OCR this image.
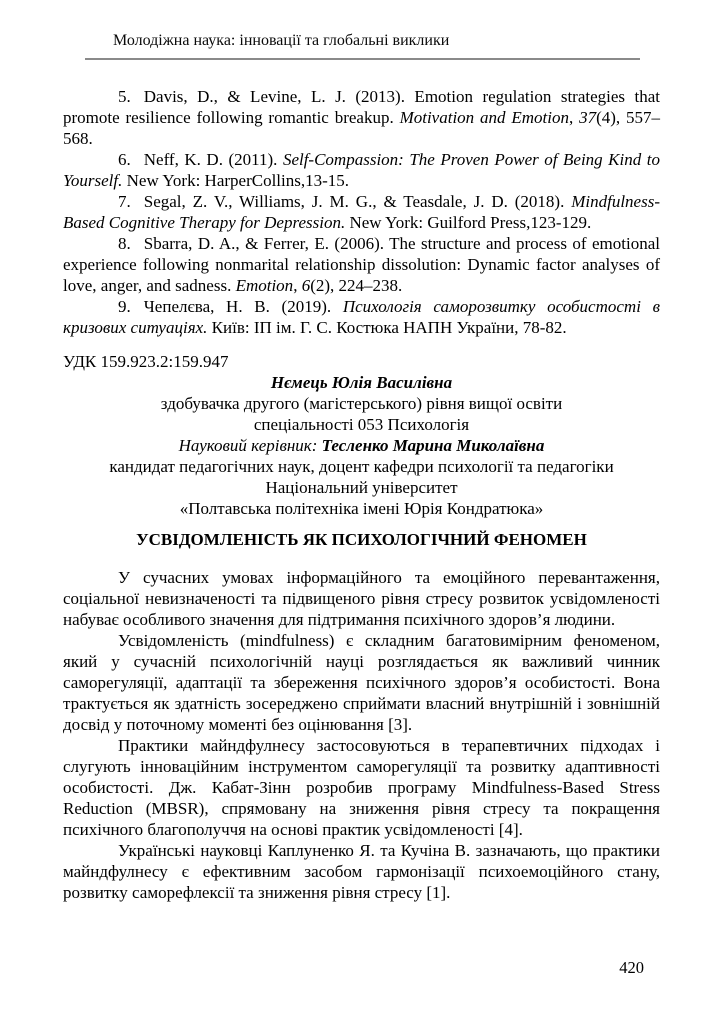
Молодіжна наука: інновації та глобальні виклики

5. Davis, D., & Levine, L. J. (2013). Emotion regulation strategies that promote resilience following romantic breakup. Motivation and Emotion, 37(4), 557–568.

6. Neff, K. D. (2011). Self-Compassion: The Proven Power of Being Kind to Yourself. New York: HarperCollins,13-15.

7. Segal, Z. V., Williams, J. M. G., & Teasdale, J. D. (2018). Mindfulness-Based Cognitive Therapy for Depression. New York: Guilford Press,123-129.

8. Sbarra, D. A., & Ferrer, E. (2006). The structure and process of emotional experience following nonmarital relationship dissolution: Dynamic factor analyses of love, anger, and sadness. Emotion, 6(2), 224–238.

9. Чепелєва, Н. В. (2019). Психологія саморозвитку особистості в кризових ситуаціях. Київ: ІП ім. Г. С. Костюка НАПН України, 78-82.

УДК 159.923.2:159.947

Нємець Юлія Василівна

здобувачка другого (магістерського) рівня вищої освіти

спеціальності 053 Психологія

Науковий керівник: Тесленко Марина Миколаївна

кандидат педагогічних наук, доцент кафедри психології та педагогіки

Національний університет

«Полтавська політехніка імені Юрія Кондратюка»

УСВІДОМЛЕНІСТЬ ЯК ПСИХОЛОГІЧНИЙ ФЕНОМЕН

У сучасних умовах інформаційного та емоційного перевантаження, соціальної невизначеності та підвищеного рівня стресу розвиток усвідомленості набуває особливого значення для підтримання психічного здоров’я людини.

Усвідомленість (mindfulness) є складним багатовимірним феноменом, який у сучасній психологічній науці розглядається як важливий чинник саморегуляції, адаптації та збереження психічного здоров’я особистості. Вона трактується як здатність зосереджено сприймати власний внутрішній і зовнішній досвід у поточному моменті без оцінювання [3].

Практики майндфулнесу застосовуються в терапевтичних підходах і слугують інноваційним інструментом саморегуляції та розвитку адаптивності особистості. Дж. Кабат-Зінн розробив програму Mindfulness-Based Stress Reduction (MBSR), спрямовану на зниження рівня стресу та покращення психічного благополуччя на основі практик усвідомленості [4].

Українські науковці Каплуненко Я. та Кучіна В. зазначають, що практики майндфулнесу є ефективним засобом гармонізації психоемоційного стану, розвитку саморефлексії та зниження рівня стресу [1].

420
